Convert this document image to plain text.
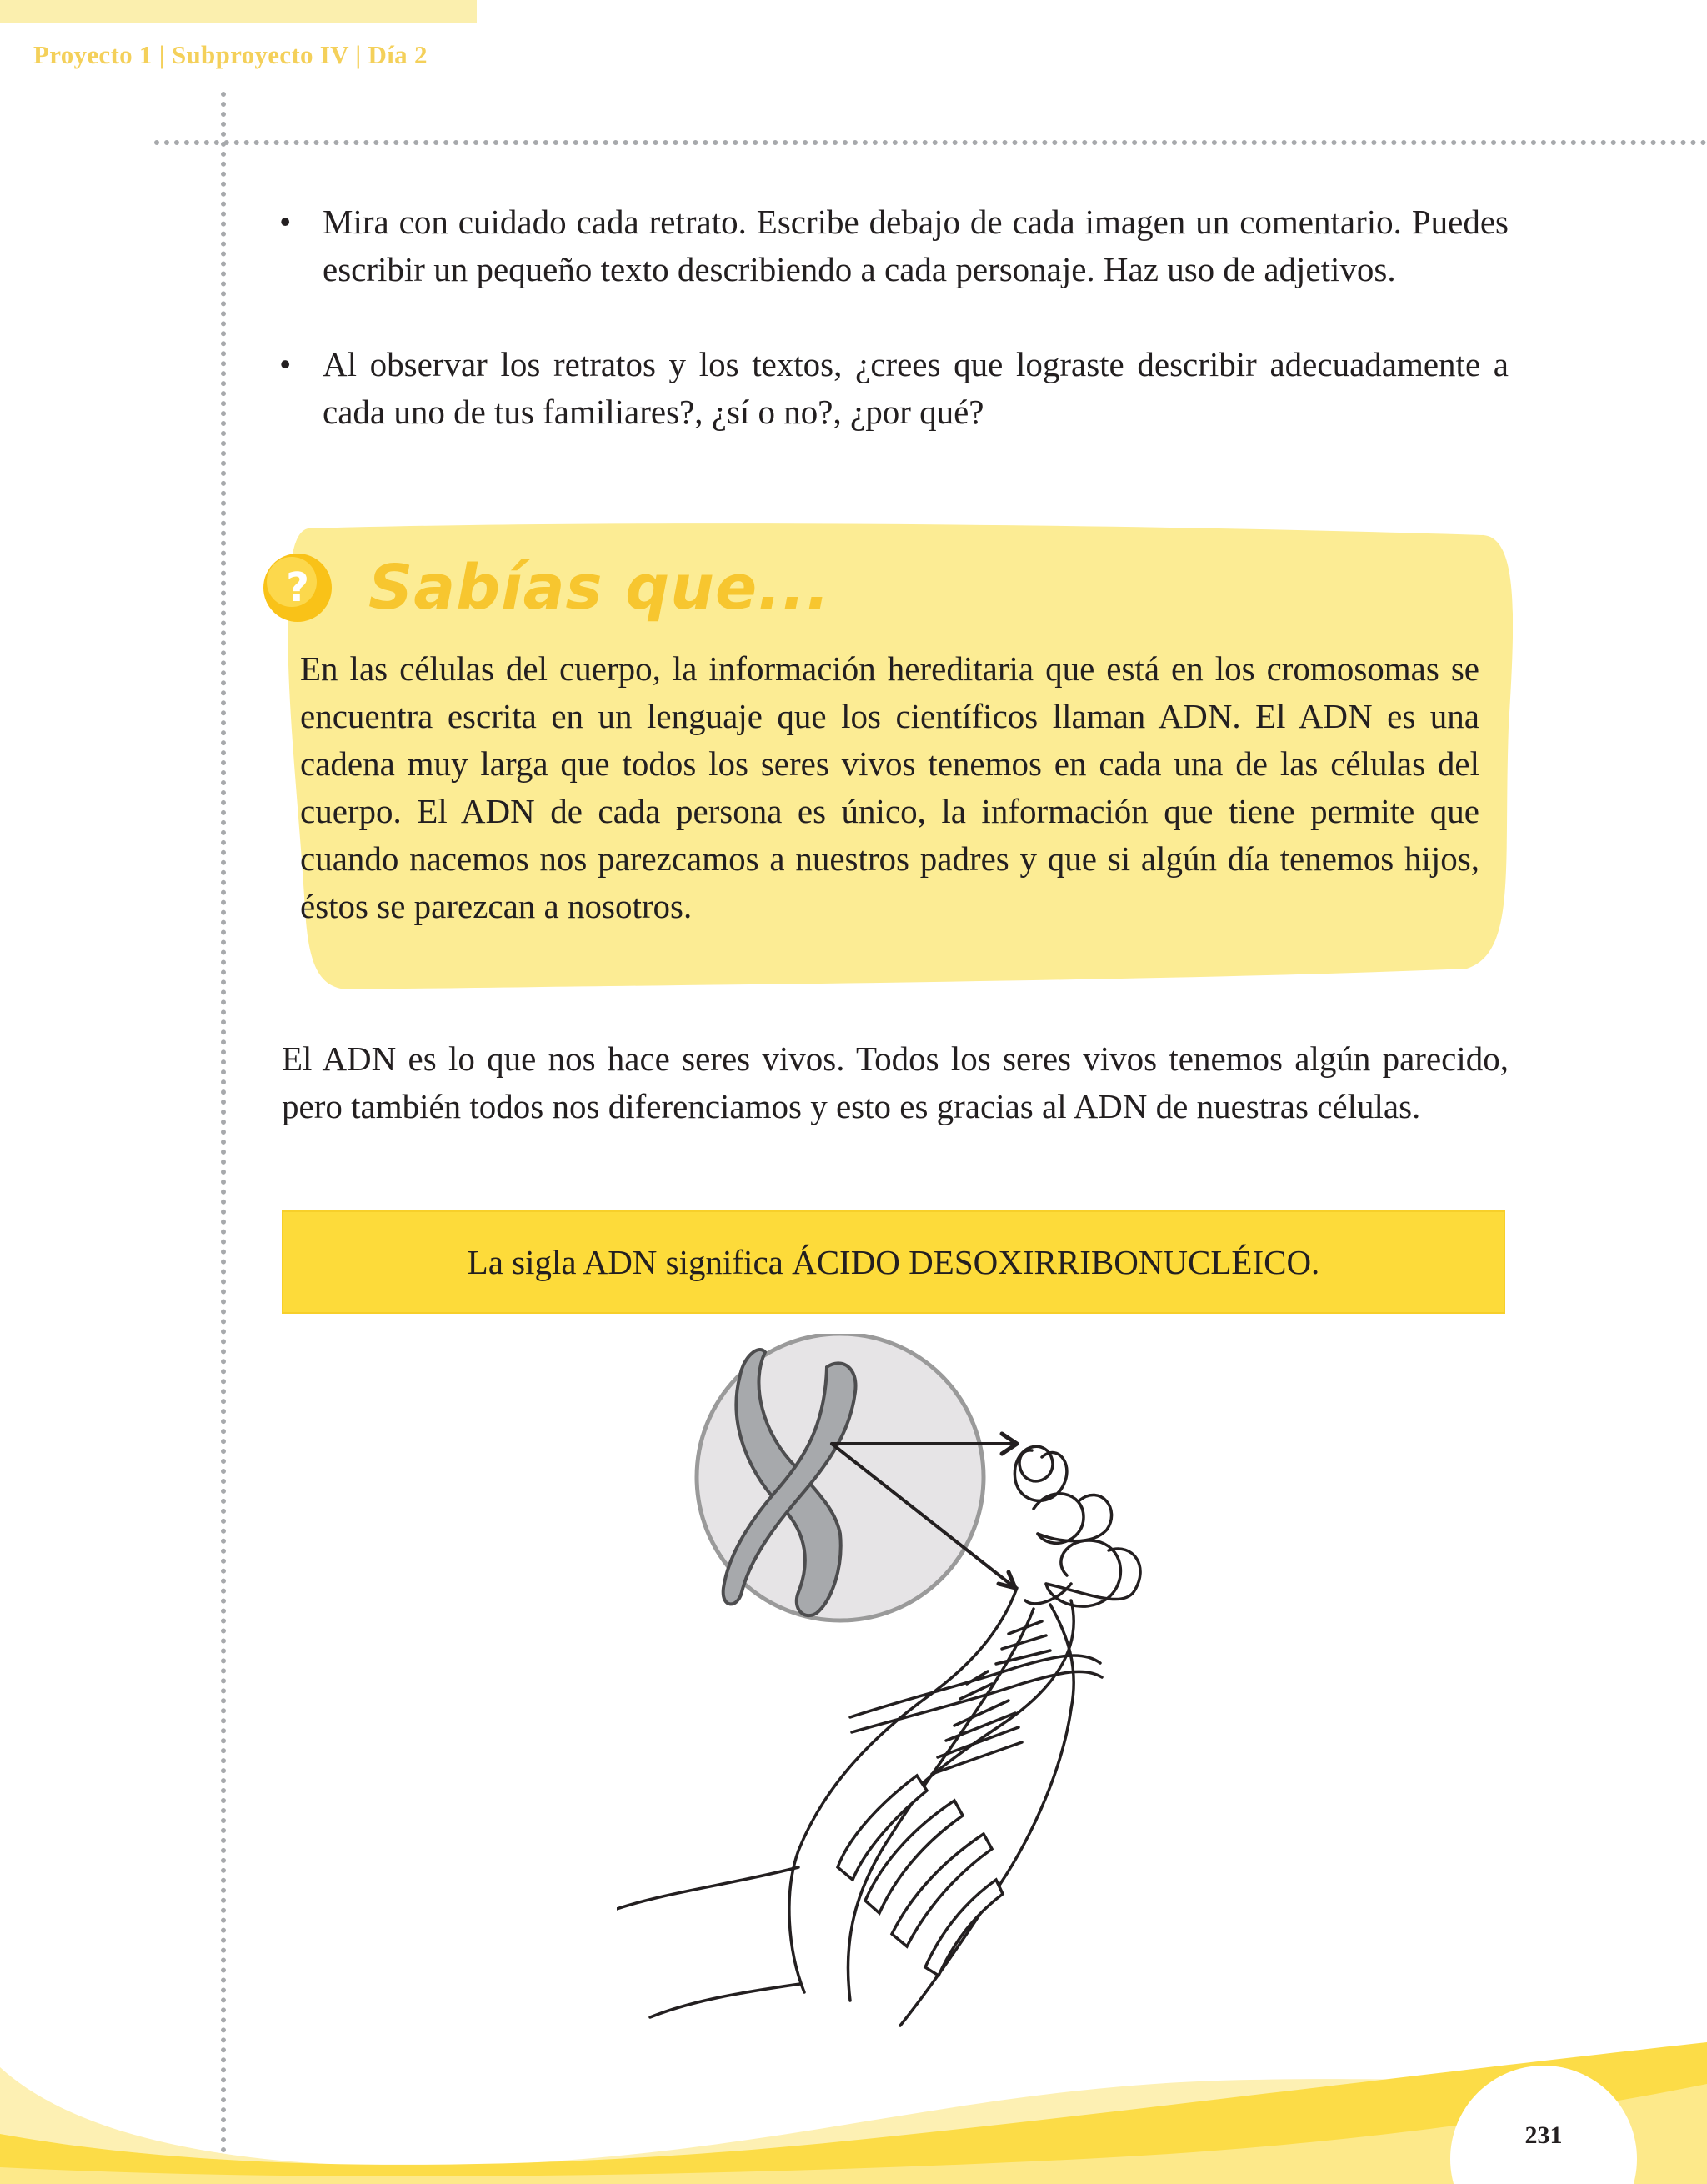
Proyecto 1 | Subproyecto IV | Día 2
• Mira con cuidado cada retrato. Escribe debajo de cada imagen un comentario. Puedes escribir un pequeño texto describiendo a cada personaje. Haz uso de adjetivos.
• Al observar los retratos y los textos, ¿crees que lograste describir adecuadamente a cada uno de tus familiares?, ¿sí o no?, ¿por qué?
? Sabías que...
En las células del cuerpo, la información hereditaria que está en los cromosomas se encuentra escrita en un lenguaje que los científicos llaman ADN. El ADN es una cadena muy larga que todos los seres vivos tenemos en cada una de las células del cuerpo. El ADN de cada persona es único, la información que tiene permite que cuando nacemos nos parezcamos a nuestros padres y que si algún día tenemos hijos, éstos se parezcan a nosotros.
El ADN es lo que nos hace seres vivos. Todos los seres vivos tenemos algún parecido, pero también todos nos diferenciamos y esto es gracias al ADN de nuestras células.
La sigla ADN significa ÁCIDO DESOXIRRIBONUCLÉICO.
231
